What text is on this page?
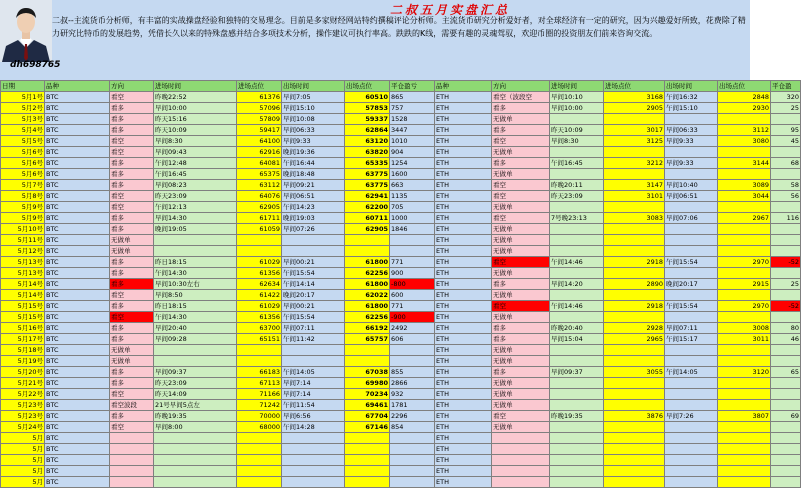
dh698765
二叔五月实盘汇总
二叔--主流货币分析师，有丰富的实战操盘经验和独特的交易理念。目前是多家财经网站特约撰稿评论分析师。主流货币研究分析爱好者，对全球经济有一定的研究，因为兴趣爱好所致，花费除了精力研究比特币的发展趋势，凭借长久以来的特殊盘感并结合多项技术分析，操作建议可执行率高。跌跌的K线，需要有趣的灵魂驾驭，欢迎币圈的投资朋友们前来咨询交流。
日期	品种	方向	进场时间	进场点位	出场时间	出场点位	平仓盈亏	品种	方向	进场时间	进场点位	出场时间	出场点位	平仓盈
5月1号	BTC	看空	昨晚22:52	61376	早间7:05	60510	865	ETH	看空（波段空	早间10:10	3168	午间16:32	2848	320
5月2号	BTC	看多	早间10:00	57096	早间15:10	57853	757	ETH	看多	早间10:00	2905	午间15:10	2930	25
5月3号	BTC	看多	昨天15:16	57809	早间10:08	59337	1528	ETH	无做单					
5月4号	BTC	看多	昨天10:09	59417	早间06:33	62864	3447	ETH	看多	昨天10:09	3017	早间06:33	3112	95
5月5号	BTC	看空	早间8:30	64100	早间9:33	63120	1010	ETH	看空	早间8:30	3125	早间9:33	3080	45
5月6号	BTC	看空	早间09:43	62916	晚间19:36	63820	904	ETH	无做单					
5月6号	BTC	看多	午间12:48	64081	午间16:44	65335	1254	ETH	看多	午间16:45	3212	早间9:33	3144	68
5月6号	BTC	看多	午间16:45	65375	晚间18:48	63775	1600	ETH	无做单					
5月7号	BTC	看多	早间08:23	63112	早间09:21	63775	663	ETH	看空	昨晚20:11	3147	早间10:40	3089	58
5月8号	BTC	看空	昨天23:09	64076	早间06:51	62941	1135	ETH	看空	昨天23:09	3101	早间06:51	3044	56
5月9号	BTC	看空	午间12:13	62905	午间14:23	62200	705	ETH	无做单					
5月9号	BTC	看多	早间14:30	61711	晚间19:03	60711	1000	ETH	看空	7号晚23:13	3083	早间07:06	2967	116
5月10号	BTC	看多	晚间19:05	61059	早间07:26	62905	1846	ETH	无做单					
5月11号	BTC	无做单						ETH	无做单					
5月12号	BTC	无做单						ETH	无做单					
5月13号	BTC	看多	昨日18:15	61029	早间00:21	61800	771	ETH	看空	午间14:46	2918	午间15:54	2970	-52
5月13号	BTC	看多	午间14:30	61356	午间15:54	62256	900	ETH	无做单					
5月14号	BTC	看多	早间10:30左右	62634	午间14:14	61800	-800	ETH	看多	早间14:20	2890	晚间20:17	2915	25
5月14号	BTC	看空	早间8:50	61422	晚间20:17	62022	600	ETH	无做单					
5月15号	BTC	看多	昨日18:15	61029	早间00:21	61800	771	ETH	看空	午间14:46	2918	午间15:54	2970	-52
5月15号	BTC	看空	午间14:30	61356	午间15:54	62256	-900	ETH	无做单					
5月16号	BTC	看多	早间20:40	63700	早间07:11	66192	2492	ETH	看多	昨晚20:40	2928	早间07:11	3008	80
5月17号	BTC	看多	早间09:28	65151	午间11:42	65757	606	ETH	看多	早间15:04	2965	午间15:17	3011	46
5月18号	BTC	无做单						ETH	无做单					
5月19号	BTC	无做单						ETH	无做单					
5月20号	BTC	看多	早间09:37	66183	午间14:05	67038	855	ETH	看多	早间09:37	3055	午间14:05	3120	65
5月21号	BTC	看多	昨天23:09	67113	早间7:14	69980	2866	ETH	无做单					
5月22号	BTC	看空	昨天14:09	71166	早间7:14	70234	932	ETH	无做单					
5月23号	BTC	看空波段	21号早间5点左	71242	午间11:54	69461	1781	ETH	无做单					
5月23号	BTC	看多	昨晚19:35	70000	早间6:56	67704	2296	ETH	看空	昨晚19:35	3876	早间7:26	3807	69
5月24号	BTC	看空	早间8:00	68000	午间14:28	67146	854	ETH	无做单					
5月	BTC							ETH						
5月	BTC							ETH						
5月	BTC							ETH						
5月	BTC							ETH						
5月	BTC							ETH						
